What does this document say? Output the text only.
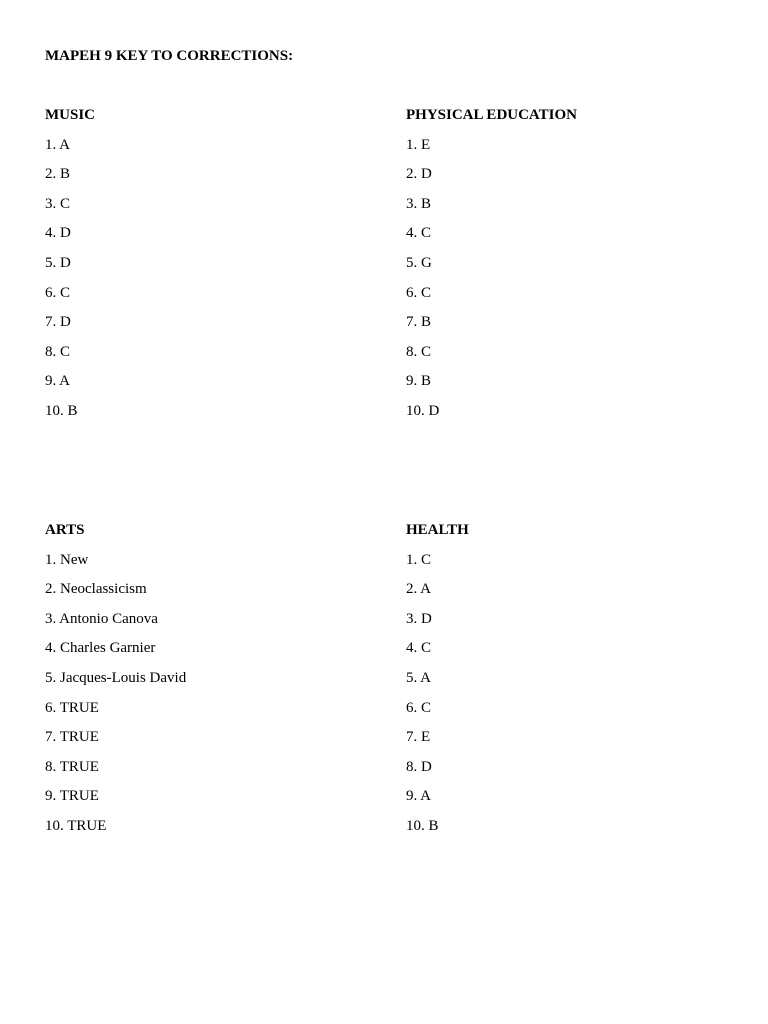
MAPEH 9 KEY TO CORRECTIONS:
MUSIC
1. A
2. B
3. C
4. D
5. D
6. C
7. D
8. C
9. A
10. B
PHYSICAL EDUCATION
1. E
2. D
3. B
4. C
5. G
6. C
7. B
8. C
9. B
10. D
ARTS
1. New
2. Neoclassicism
3. Antonio Canova
4. Charles Garnier
5. Jacques-Louis David
6. TRUE
7. TRUE
8. TRUE
9. TRUE
10. TRUE
HEALTH
1. C
2. A
3. D
4. C
5. A
6. C
7. E
8. D
9. A
10. B
